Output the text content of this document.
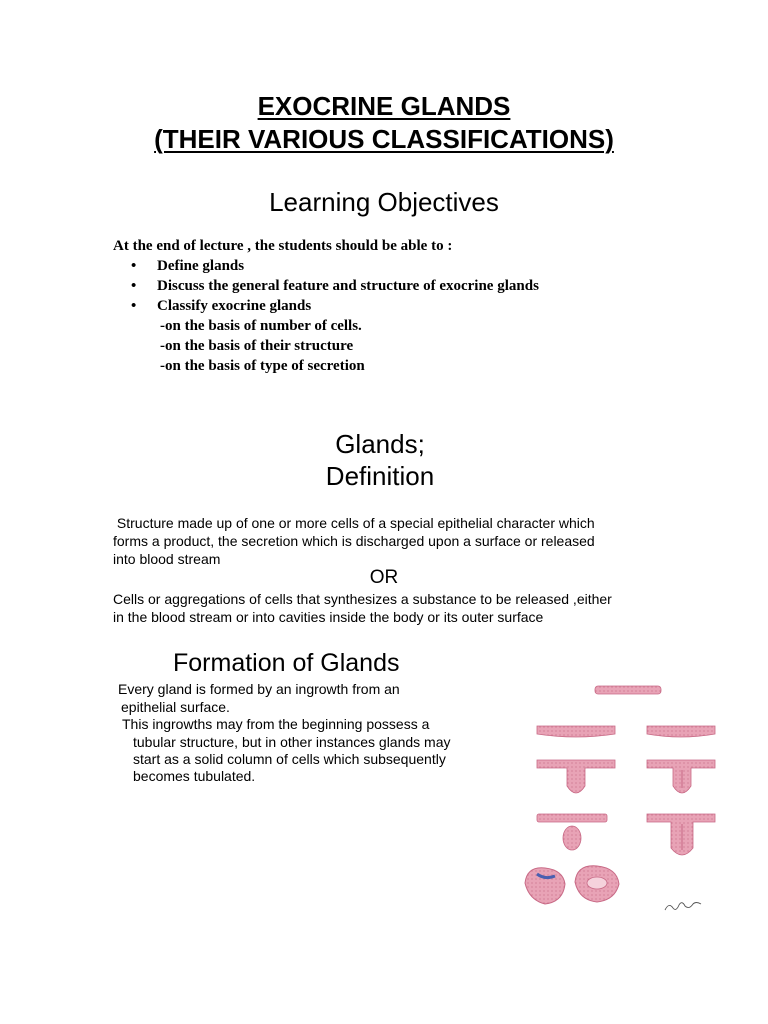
EXOCRINE GLANDS
(THEIR VARIOUS CLASSIFICATIONS)
Learning Objectives
At the end of lecture , the students should be able to :
• Define glands
• Discuss the general feature and structure of exocrine glands
• Classify exocrine glands
-on the basis of number of cells.
-on the basis of their structure
-on the basis of type of secretion
Glands;
Definition
Structure made up of one or more cells of a special epithelial character which
forms a product, the secretion which is discharged upon a surface or released
into blood stream
OR
Cells or aggregations of cells that synthesizes a substance to be released ,either
in the blood stream or into cavities inside the body or its outer surface
Formation of Glands
Every gland is formed by an ingrowth from an
epithelial surface.
This ingrowths may from the beginning possess a
tubular structure, but in other instances glands may
start as a solid column of cells which subsequently
becomes tubulated.
